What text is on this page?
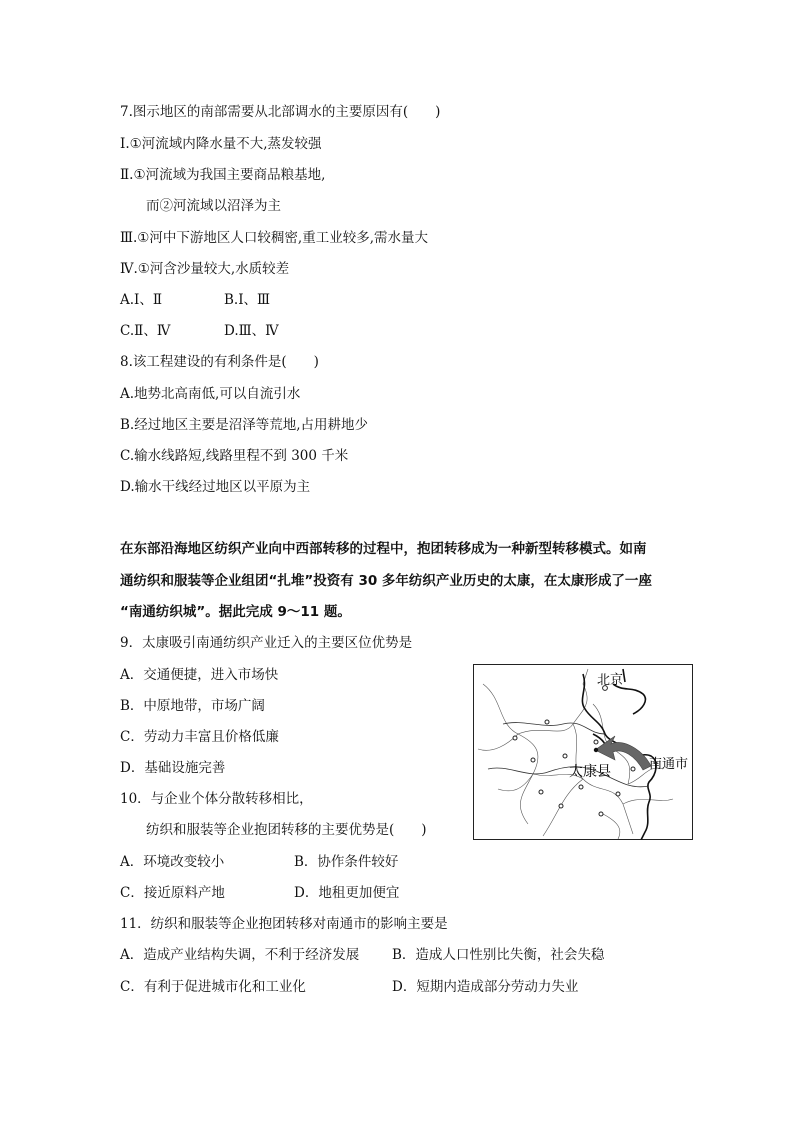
7.图示地区的南部需要从北部调水的主要原因有(　　)
Ⅰ.①河流域内降水量不大,蒸发较强
Ⅱ.①河流域为我国主要商品粮基地,
而②河流域以沼泽为主
Ⅲ.①河中下游地区人口较稠密,重工业较多,需水量大
Ⅳ.①河含沙量较大,水质较差
A.Ⅰ、Ⅱ	B.Ⅰ、Ⅲ
C.Ⅱ、Ⅳ	D.Ⅲ、Ⅳ
8.该工程建设的有利条件是(　　)
A.地势北高南低,可以自流引水
B.经过地区主要是沼泽等荒地,占用耕地少
C.输水线路短,线路里程不到 300 千米
D.输水干线经过地区以平原为主
在东部沿海地区纺织产业向中西部转移的过程中，抱团转移成为一种新型转移模式。如南
通纺织和服装等企业组团“扎堆”投资有 30 多年纺织产业历史的太康，在太康形成了一座
“南通纺织城”。据此完成 9～11 题。
9．太康吸引南通纺织产业迁入的主要区位优势是
A．交通便捷，进入市场快
B．中原地带，市场广阔
C．劳动力丰富且价格低廉
D．基础设施完善
10．与企业个体分散转移相比，
纺织和服装等企业抱团转移的主要优势是(　　)
A．环境改变较小	B．协作条件较好
C．接近原料产地	D．地租更加便宜
11．纺织和服装等企业抱团转移对南通市的影响主要是
A．造成产业结构失调，不利于经济发展 B．造成人口性别比失衡，社会失稳
C．有利于促进城市化和工业化	D．短期内造成部分劳动力失业
北京
太康县	南通市
